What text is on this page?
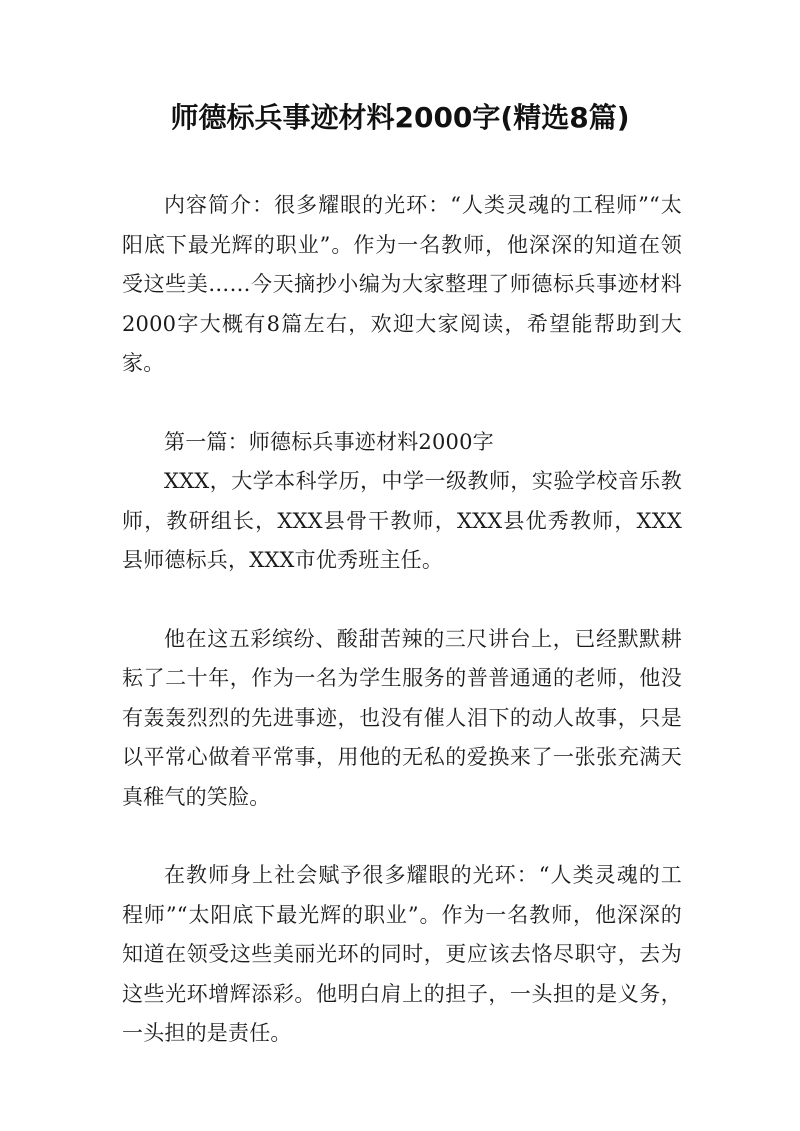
师德标兵事迹材料2000字(精选8篇)

内容简介：很多耀眼的光环：“人类灵魂的工程师”“太阳底下最光辉的职业”。作为一名教师，他深深的知道在领受这些美……今天摘抄小编为大家整理了师德标兵事迹材料2000字大概有8篇左右，欢迎大家阅读，希望能帮助到大家。

第一篇：师德标兵事迹材料2000字

XXX，大学本科学历，中学一级教师，实验学校音乐教师，教研组长，XXX县骨干教师，XXX县优秀教师，XXX县师德标兵，XXX市优秀班主任。

他在这五彩缤纷、酸甜苦辣的三尺讲台上，已经默默耕耘了二十年，作为一名为学生服务的普普通通的老师，他没有轰轰烈烈的先进事迹，也没有催人泪下的动人故事，只是以平常心做着平常事，用他的无私的爱换来了一张张充满天真稚气的笑脸。

在教师身上社会赋予很多耀眼的光环：“人类灵魂的工程师”“太阳底下最光辉的职业”。作为一名教师，他深深的知道在领受这些美丽光环的同时，更应该去恪尽职守，去为这些光环增辉添彩。他明白肩上的担子，一头担的是义务，一头担的是责任。
